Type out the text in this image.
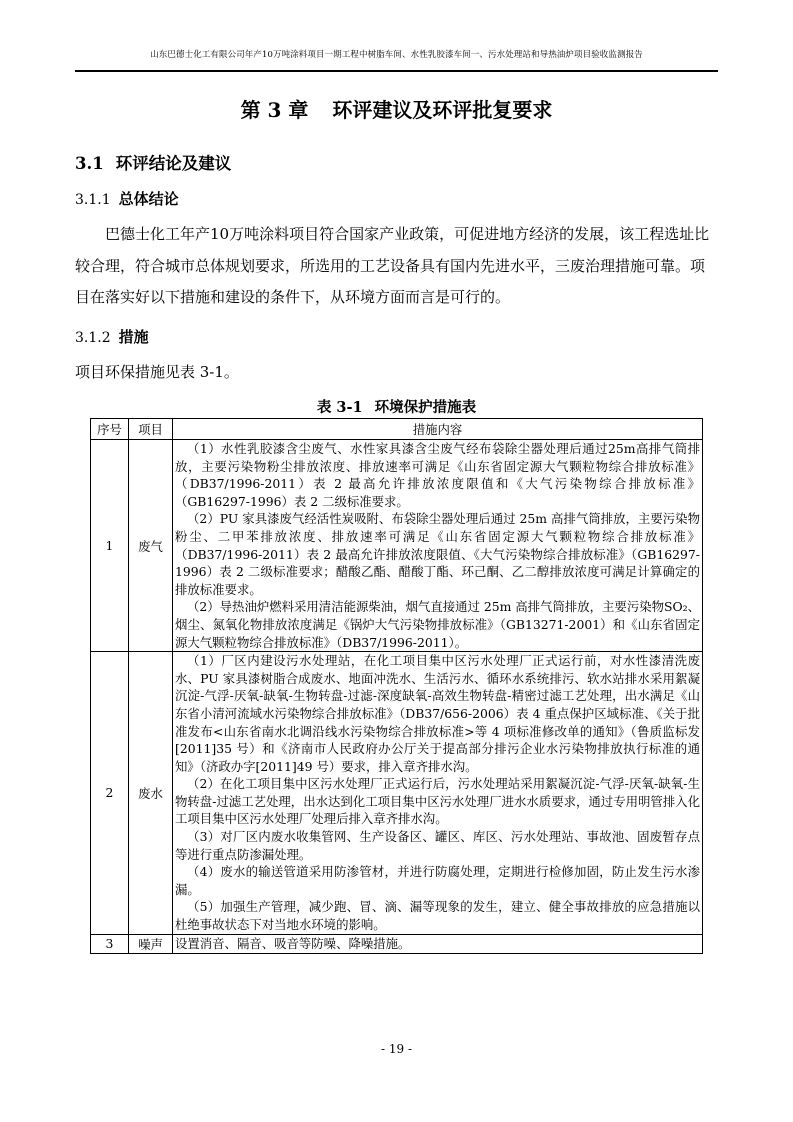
山东巴德士化工有限公司年产10万吨涂料项目一期工程中树脂车间、水性乳胶漆车间一、污水处理站和导热油炉项目验收监测报告
第 3 章 环评建议及环评批复要求
3.1 环评结论及建议
3.1.1 总体结论
巴德士化工年产10万吨涂料项目符合国家产业政策，可促进地方经济的发展，该工程选址比较合理，符合城市总体规划要求，所选用的工艺设备具有国内先进水平，三废治理措施可靠。项目在落实好以下措施和建设的条件下，从环境方面而言是可行的。
3.1.2 措施
项目环保措施见表 3-1。
表 3-1 环境保护措施表
序号	项目	措施内容
1	废气	（1）水性乳胶漆含尘废气、水性家具漆含尘废气经布袋除尘器处理后通过25m高排气筒排放，主要污染物粉尘排放浓度、排放速率可满足《山东省固定源大气颗粒物综合排放标准》（DB37/1996-2011）表 2 最高允许排放浓度限值和《大气污染物综合排放标准》（GB16297-1996）表 2 二级标准要求。

（2）PU 家具漆废气经活性炭吸附、布袋除尘器处理后通过 25m 高排气筒排放，主要污染物粉尘、二甲苯排放浓度、排放速率可满足《山东省固定源大气颗粒物综合排放标准》（DB37/1996-2011）表 2 最高允许排放浓度限值、《大气污染物综合排放标准》（GB16297-1996）表 2 二级标准要求；醋酸乙酯、醋酸丁酯、环己酮、乙二醇排放浓度可满足计算确定的排放标准要求。

（2）导热油炉燃料采用清洁能源柴油，烟气直接通过 25m 高排气筒排放，主要污染物SO₂、烟尘、氮氧化物排放浓度满足《锅炉大气污染物排放标准》（GB13271-2001）和《山东省固定源大气颗粒物综合排放标准》（DB37/1996-2011）。

2	废水	（1）厂区内建设污水处理站，在化工项目集中区污水处理厂正式运行前，对水性漆清洗废水、PU 家具漆树脂合成废水、地面冲洗水、生活污水、循环水系统排污、软水站排水采用絮凝沉淀-气浮-厌氧-缺氧-生物转盘-过滤-深度缺氧-高效生物转盘-精密过滤工艺处理，出水满足《山东省小清河流域水污染物综合排放标准》（DB37/656-2006）表 4 重点保护区域标准、《关于批准发布<山东省南水北调沿线水污染物综合排放标准>等 4 项标准修改单的通知》（鲁质监标发[2011]35 号）和《济南市人民政府办公厅关于提高部分排污企业水污染物排放执行标准的通知》（济政办字[2011]49 号）要求，排入章齐排水沟。

（2）在化工项目集中区污水处理厂正式运行后，污水处理站采用絮凝沉淀-气浮-厌氧-缺氧-生物转盘-过滤工艺处理，出水达到化工项目集中区污水处理厂进水水质要求，通过专用明管排入化工项目集中区污水处理厂处理后排入章齐排水沟。

（3）对厂区内废水收集管网、生产设备区、罐区、库区、污水处理站、事故池、固废暂存点等进行重点防渗漏处理。

（4）废水的输送管道采用防渗管材，并进行防腐处理，定期进行检修加固，防止发生污水渗漏。

（5）加强生产管理，减少跑、冒、滴、漏等现象的发生，建立、健全事故排放的应急措施以杜绝事故状态下对当地水环境的影响。

3	噪声	设置消音、隔音、吸音等防噪、降噪措施。

- 19 -
